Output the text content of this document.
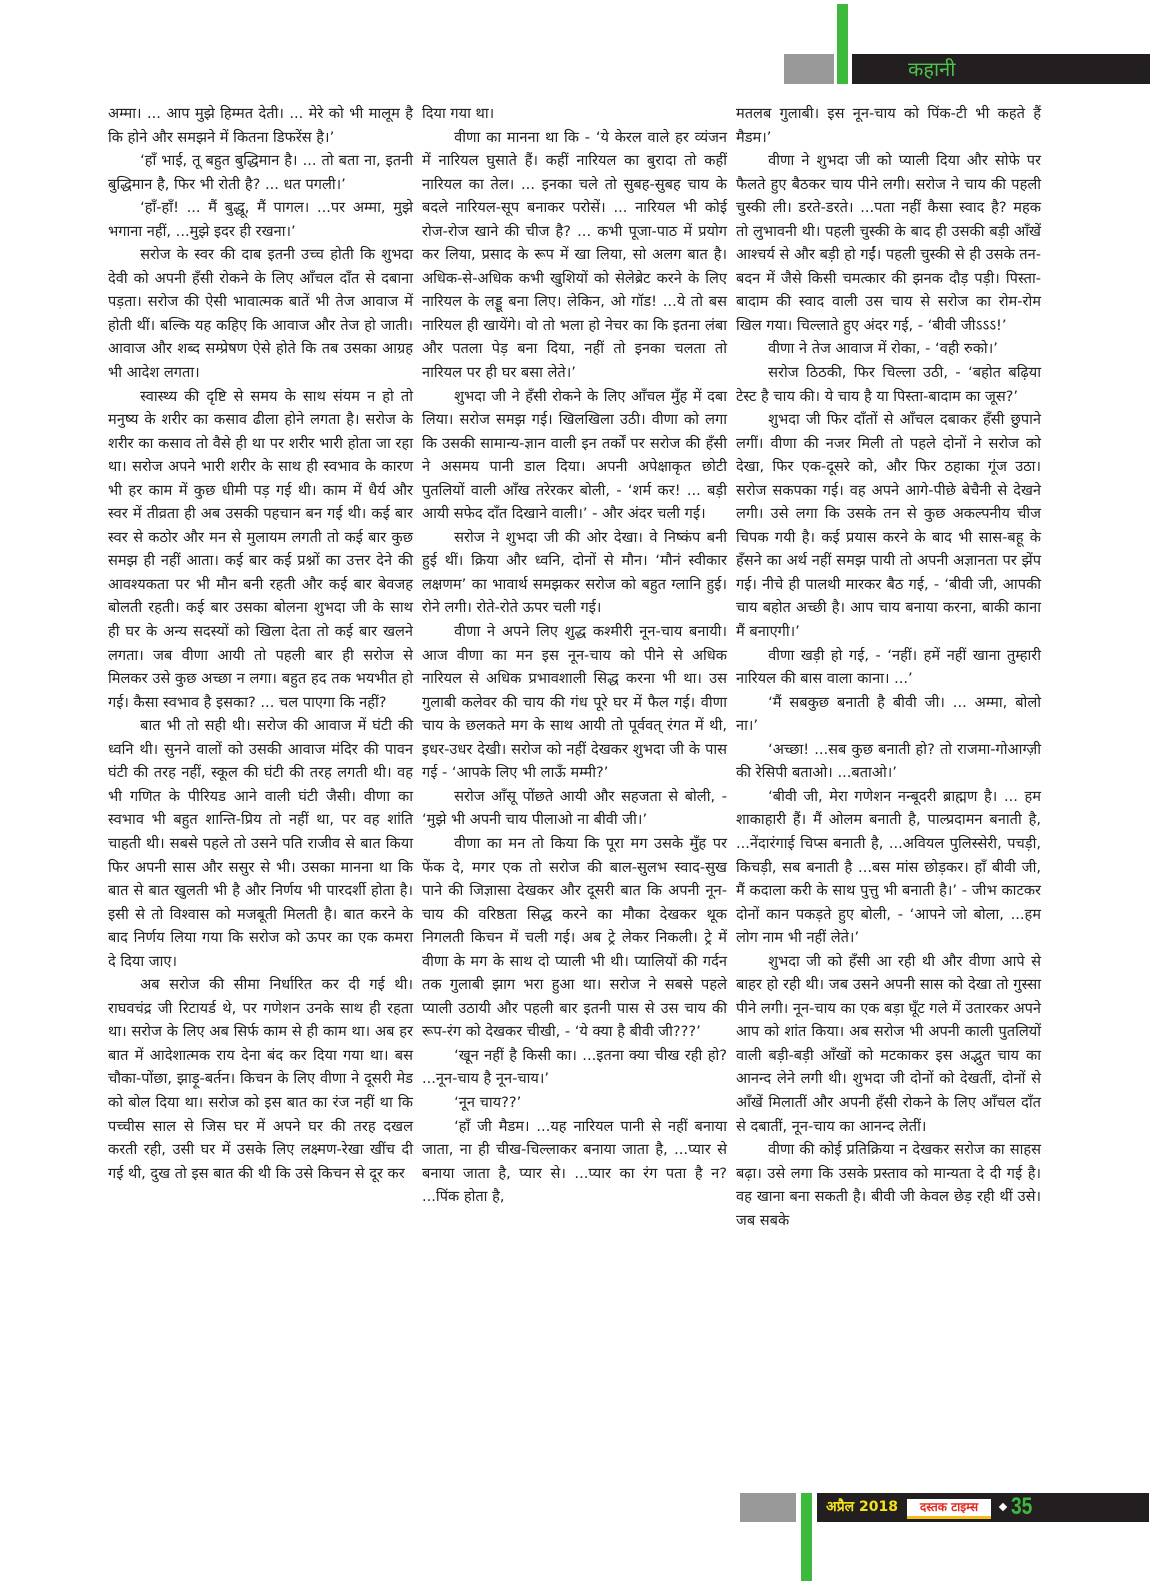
कहानी

अम्मा। ... आप मुझे हिम्मत देती। ... मेरे को भी मालूम है कि होने और समझने में कितना डिफरेंस है।’

‘हाँ भाई, तू बहुत बुद्धिमान है। ... तो बता ना, इतनी बुद्धिमान है, फिर भी रोती है? ... धत पगली।’

‘हाँ-हाँ! ... मैं बुद्धू, मैं पागल। ...पर अम्मा, मुझे भगाना नहीं, ...मुझे इदर ही रखना।’

सरोज के स्वर की दाब इतनी उच्च होती कि शुभदा देवी को अपनी हँसी रोकने के लिए आँचल दाँत से दबाना पड़ता। सरोज की ऐसी भावात्मक बातें भी तेज आवाज में होती थीं। बल्कि यह कहिए कि आवाज और तेज हो जाती। आवाज और शब्द सम्प्रेषण ऐसे होते कि तब उसका आग्रह भी आदेश लगता।

स्वास्थ्य की दृष्टि से समय के साथ संयम न हो तो मनुष्य के शरीर का कसाव ढीला होने लगता है। सरोज के शरीर का कसाव तो वैसे ही था पर शरीर भारी होता जा रहा था। सरोज अपने भारी शरीर के साथ ही स्वभाव के कारण भी हर काम में कुछ धीमी पड़ गई थी। काम में धैर्य और स्वर में तीव्रता ही अब उसकी पहचान बन गई थी। कई बार स्वर से कठोर और मन से मुलायम लगती तो कई बार कुछ समझ ही नहीं आता। कई बार कई प्रश्नों का उत्तर देने की आवश्यकता पर भी मौन बनी रहती और कई बार बेवजह बोलती रहती। कई बार उसका बोलना शुभदा जी के साथ ही घर के अन्य सदस्यों को खिला देता तो कई बार खलने लगता। जब वीणा आयी तो पहली बार ही सरोज से मिलकर उसे कुछ अच्छा न लगा। बहुत हद तक भयभीत हो गई। कैसा स्वभाव है इसका? ... चल पाएगा कि नहीं?

बात भी तो सही थी। सरोज की आवाज में घंटी की ध्वनि थी। सुनने वालों को उसकी आवाज मंदिर की पावन घंटी की तरह नहीं, स्कूल की घंटी की तरह लगती थी। वह भी गणित के पीरियड आने वाली घंटी जैसी। वीणा का स्वभाव भी बहुत शान्ति-प्रिय तो नहीं था, पर वह शांति चाहती थी। सबसे पहले तो उसने पति राजीव से बात किया फिर अपनी सास और ससुर से भी। उसका मानना था कि बात से बात खुलती भी है और निर्णय भी पारदर्शी होता है। इसी से तो विश्वास को मजबूती मिलती है। बात करने के बाद निर्णय लिया गया कि सरोज को ऊपर का एक कमरा दे दिया जाए।

अब सरोज की सीमा निर्धारित कर दी गई थी। राघवचंद्र जी रिटायर्ड थे, पर गणेशन उनके साथ ही रहता था। सरोज के लिए अब सिर्फ काम से ही काम था। अब हर बात में आदेशात्मक राय देना बंद कर दिया गया था। बस चौका-पोंछा, झाड़ू-बर्तन। किचन के लिए वीणा ने दूसरी मेड को बोल दिया था। सरोज को इस बात का रंज नहीं था कि पच्चीस साल से जिस घर में अपने घर की तरह दखल करती रही, उसी घर में उसके लिए लक्ष्मण-रेखा खींच दी गई थी, दुख तो इस बात की थी कि उसे किचन से दूर कर

दिया गया था।

वीणा का मानना था कि - ‘ये केरल वाले हर व्यंजन में नारियल घुसाते हैं। कहीं नारियल का बुरादा तो कहीं नारियल का तेल। ... इनका चले तो सुबह-सुबह चाय के बदले नारियल-सूप बनाकर परोसें। ... नारियल भी कोई रोज-रोज खाने की चीज है? ... कभी पूजा-पाठ में प्रयोग कर लिया, प्रसाद के रूप में खा लिया, सो अलग बात है। अधिक-से-अधिक कभी खुशियों को सेलेब्रेट करने के लिए नारियल के लड्डू बना लिए। लेकिन, ओ गॉड! ...ये तो बस नारियल ही खायेंगे। वो तो भला हो नेचर का कि इतना लंबा और पतला पेड़ बना दिया, नहीं तो इनका चलता तो नारियल पर ही घर बसा लेते।’

शुभदा जी ने हँसी रोकने के लिए आँचल मुँह में दबा लिया। सरोज समझ गई। खिलखिला उठी। वीणा को लगा कि उसकी सामान्य-ज्ञान वाली इन तर्कों पर सरोज की हँसी ने असमय पानी डाल दिया। अपनी अपेक्षाकृत छोटी पुतलियों वाली आँख तरेरकर बोली, - ‘शर्म कर! ... बड़ी आयी सफेद दाँत दिखाने वाली।’ - और अंदर चली गई।

सरोज ने शुभदा जी की ओर देखा। वे निष्कंप बनी हुई थीं। क्रिया और ध्वनि, दोनों से मौन। ‘मौनं स्वीकार लक्षणम’ का भावार्थ समझकर सरोज को बहुत ग्लानि हुई। रोने लगी। रोते-रोते ऊपर चली गई।

वीणा ने अपने लिए शुद्ध कश्मीरी नून-चाय बनायी। आज वीणा का मन इस नून-चाय को पीने से अधिक नारियल से अधिक प्रभावशाली सिद्ध करना भी था। उस गुलाबी कलेवर की चाय की गंध पूरे घर में फैल गई। वीणा चाय के छलकते मग के साथ आयी तो पूर्ववत् रंगत में थी, इधर-उधर देखी। सरोज को नहीं देखकर शुभदा जी के पास गई - ‘आपके लिए भी लाऊँ मम्मी?’

सरोज आँसू पोंछते आयी और सहजता से बोली, - ‘मुझे भी अपनी चाय पीलाओ ना बीवी जी।’

वीणा का मन तो किया कि पूरा मग उसके मुँह पर फेंक दे, मगर एक तो सरोज की बाल-सुलभ स्वाद-सुख पाने की जिज्ञासा देखकर और दूसरी बात कि अपनी नून-चाय की वरिष्ठता सिद्ध करने का मौका देखकर थूक निगलती किचन में चली गई। अब ट्रे लेकर निकली। ट्रे में वीणा के मग के साथ दो प्याली भी थी। प्यालियों की गर्दन तक गुलाबी झाग भरा हुआ था। सरोज ने सबसे पहले प्याली उठायी और पहली बार इतनी पास से उस चाय की रूप-रंग को देखकर चीखी, - ‘ये क्या है बीवी जी???’

‘खून नहीं है किसी का। ...इतना क्या चीख रही हो? ...नून-चाय है नून-चाय।’

‘नून चाय??’

‘हाँ जी मैडम। ...यह नारियल पानी से नहीं बनाया जाता, ना ही चीख-चिल्लाकर बनाया जाता है, ...प्यार से बनाया जाता है, प्यार से। ...प्यार का रंग पता है न? ...पिंक होता है,

मतलब गुलाबी। इस नून-चाय को पिंक-टी भी कहते हैं मैडम।’

वीणा ने शुभदा जी को प्याली दिया और सोफे पर फैलते हुए बैठकर चाय पीने लगी। सरोज ने चाय की पहली चुस्की ली। डरते-डरते। ...पता नहीं कैसा स्वाद है? महक तो लुभावनी थी। पहली चुस्की के बाद ही उसकी बड़ी आँखें आश्चर्य से और बड़ी हो गईं। पहली चुस्की से ही उसके तन-बदन में जैसे किसी चमत्कार की झनक दौड़ पड़ी। पिस्ता-बादाम की स्वाद वाली उस चाय से सरोज का रोम-रोम खिल गया। चिल्लाते हुए अंदर गई, - ‘बीवी जीऽऽऽ!’

वीणा ने तेज आवाज में रोका, - ‘वही रुको।’

सरोज ठिठकी, फिर चिल्ला उठी, - ‘बहोत बढ़िया टेस्ट है चाय की। ये चाय है या पिस्ता-बादाम का जूस?’

शुभदा जी फिर दाँतों से आँचल दबाकर हँसी छुपाने लगीं। वीणा की नजर मिली तो पहले दोनों ने सरोज को देखा, फिर एक-दूसरे को, और फिर ठहाका गूंज उठा। सरोज सकपका गई। वह अपने आगे-पीछे बेचैनी से देखने लगी। उसे लगा कि उसके तन से कुछ अकल्पनीय चीज चिपक गयी है। कई प्रयास करने के बाद भी सास-बहू के हँसने का अर्थ नहीं समझ पायी तो अपनी अज्ञानता पर झेंप गई। नीचे ही पालथी मारकर बैठ गई, - ‘बीवी जी, आपकी चाय बहोत अच्छी है। आप चाय बनाया करना, बाकी काना मैं बनाएगी।’

वीणा खड़ी हो गई, - ‘नहीं। हमें नहीं खाना तुम्हारी नारियल की बास वाला काना। ...’

‘मैं सबकुछ बनाती है बीवी जी। ... अम्मा, बोलो ना।’

‘अच्छा! ...सब कुछ बनाती हो? तो राजमा-गोआग्ज़ी की रेसिपी बताओ। ...बताओ।’

‘बीवी जी, मेरा गणेशन नन्बूदरी ब्राह्मण है। ... हम शाकाहारी हैं। मैं ओलम बनाती है, पाल्प्रदामन बनाती है, ...नेंदारंगाई चिप्स बनाती है, ...अवियल पुलिस्सेरी, पचड़ी, किचड़ी, सब बनाती है ...बस मांस छोड़कर। हाँ बीवी जी, मैं कदाला करी के साथ पुत्तु भी बनाती है।’ - जीभ काटकर दोनों कान पकड़ते हुए बोली, - ‘आपने जो बोला, ...हम लोग नाम भी नहीं लेते।’

शुभदा जी को हँसी आ रही थी और वीणा आपे से बाहर हो रही थी। जब उसने अपनी सास को देखा तो गुस्सा पीने लगी। नून-चाय का एक बड़ा घूँट गले में उतारकर अपने आप को शांत किया। अब सरोज भी अपनी काली पुतलियों वाली बड़ी-बड़ी आँखों को मटकाकर इस अद्भुत चाय का आनन्द लेने लगी थी। शुभदा जी दोनों को देखतीं, दोनों से आँखें मिलातीं और अपनी हँसी रोकने के लिए आँचल दाँत से दबातीं, नून-चाय का आनन्द लेतीं।

वीणा की कोई प्रतिक्रिया न देखकर सरोज का साहस बढ़ा। उसे लगा कि उसके प्रस्ताव को मान्यता दे दी गई है। वह खाना बना सकती है। बीवी जी केवल छेड़ रही थीं उसे। जब सबके

अप्रैल 2018	दस्तक टाइम्स	35
